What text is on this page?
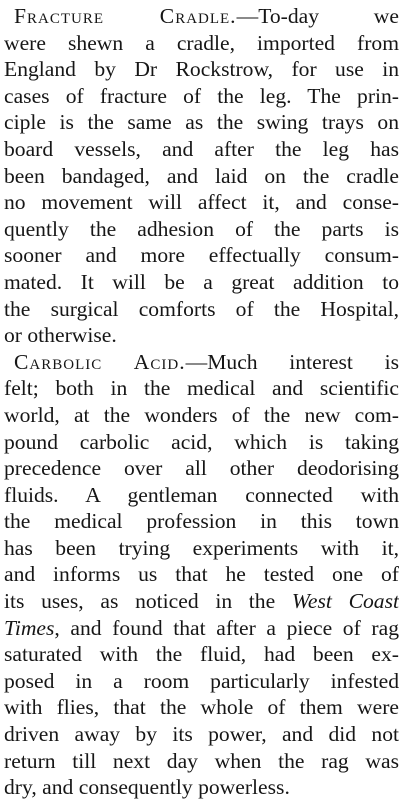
Fracture Cradle.—To-day we
were shewn a cradle, imported from
England by Dr Rockstrow, for use in
cases of fracture of the leg. The prin-
ciple is the same as the swing trays on
board vessels, and after the leg has
been bandaged, and laid on the cradle
no movement will affect it, and conse-
quently the adhesion of the parts is
sooner and more effectually consum-
mated. It will be a great addition to
the surgical comforts of the Hospital,
or otherwise.
Carbolic Acid.—Much interest is
felt; both in the medical and scientific
world, at the wonders of the new com-
pound carbolic acid, which is taking
precedence over all other deodorising
fluids. A gentleman connected with
the medical profession in this town
has been trying experiments with it,
and informs us that he tested one of
its uses, as noticed in the West Coast
Times, and found that after a piece of rag
saturated with the fluid, had been ex-
posed in a room particularly infested
with flies, that the whole of them were
driven away by its power, and did not
return till next day when the rag was
dry, and consequently powerless.
